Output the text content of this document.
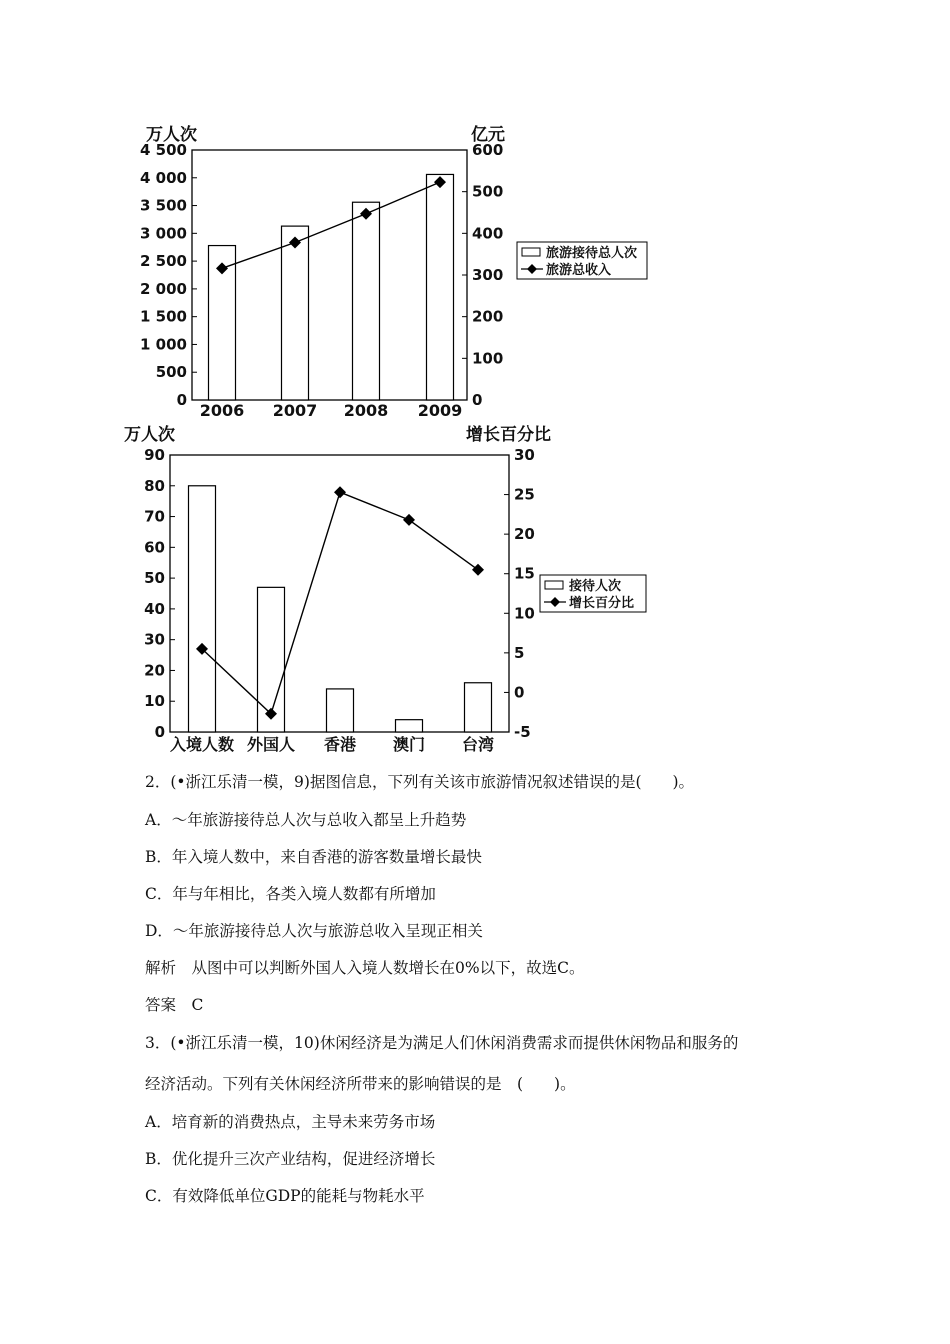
0
500
1 000
1 500
2 000
2 500
3 000
3 500
4 000
4 500
0
100
200
300
400
500
600
万人次	亿元
2006 2007 2008 2009
旅游接待总人次
旅游总收入
0
10
20
30
40
50
60
70
80
90
-5
0
5
10
15
20
25
30
万人次	增长百分比
入境人数 外国人 香港 澳门 台湾
接待人次
增长百分比
2．(•浙江乐清一模，9)据图信息，下列有关该市旅游情况叙述错误的是(　　)。
A．～年旅游接待总人次与总收入都呈上升趋势
B．年入境人数中，来自香港的游客数量增长最快
C．年与年相比，各类入境人数都有所增加
D．～年旅游接待总人次与旅游总收入呈现正相关
解析　从图中可以判断外国人入境人数增长在0%以下，故选C。
答案　C
3．(•浙江乐清一模，10)休闲经济是为满足人们休闲消费需求而提供休闲物品和服务的
经济活动。下列有关休闲经济所带来的影响错误的是　(　　)。
A．培育新的消费热点，主导未来劳务市场
B．优化提升三次产业结构，促进经济增长
C．有效降低单位GDP的能耗与物耗水平
